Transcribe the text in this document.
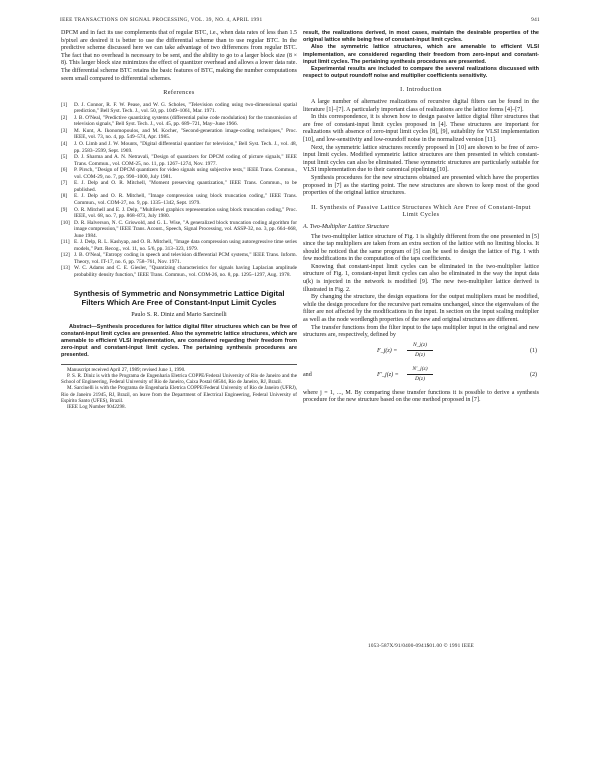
IEEE TRANSACTIONS ON SIGNAL PROCESSING, VOL. 39, NO. 4, APRIL 1991	941

DPCM and in fact its use complements that of regular BTC, i.e., when data rates of less than 1.5 b/pixel are desired it is better to use the differential scheme than to use regular BTC. In the predictive scheme discussed here we can take advantage of two differences from regular BTC. The fact that no overhead is necessary to be sent, and the ability to go to a larger block size (8 × 8). This larger block size minimizes the effect of quantizer overhead and allows a lower data rate. The differential scheme BTC retains the basic features of BTC, making the number computations seem small compared to differential schemes.

References
[1] D. J. Connor, R. F. W. Pease, and W. G. Scholes, "Television coding using two-dimensional spatial prediction," Bell Syst. Tech. J., vol. 50, pp. 1049–1061, Mar. 1971.
[2] J. B. O'Neal, "Predictive quantizing systems (differential pulse code modulation) for the transmission of television signals," Bell Syst. Tech. J., vol. 45, pp. 689–721, May–June 1966.
[3] M. Kunt, A. Ikonomopoulos, and M. Kocher, "Second-generation image-coding techniques," Proc. IEEE, vol. 73, no. 4, pp. 549–574, Apr. 1985.
[4] J. O. Limb and J. W. Mounts, "Digital differential quantizer for television," Bell Syst. Tech. J., vol. 48, pp. 2583–2599, Sept. 1969.
[5] D. J. Sharma and A. N. Netravali, "Design of quantizers for DPCM coding of picture signals," IEEE Trans. Commun., vol. COM-25, no. 11, pp. 1267–1274, Nov. 1977.
[6] P. Pirsch, "Design of DPCM quantizers for video signals using subjective tests," IEEE Trans. Commun., vol. COM-29, no. 7, pp. 990–1000, July 1981.
[7] E. J. Delp and O. R. Mitchell, "Moment preserving quantization," IEEE Trans. Commun., to be published.
[8] E. J. Delp and O. R. Mitchell, "Image compression using block truncation coding," IEEE Trans. Commun., vol. COM-27, no. 9, pp. 1335–1342, Sept. 1979.
[9] O. R. Mitchell and E. J. Delp, "Multilevel graphics representation using block truncation coding," Proc. IEEE, vol. 68, no. 7, pp. 868–873, July 1980.
[10] D. R. Halverson, N. C. Griswold, and G. L. Wise, "A generalized block truncation coding algorithm for image compression," IEEE Trans. Acoust., Speech, Signal Processing, vol. ASSP-32, no. 3, pp. 664–668, June 1984.
[11] E. J. Delp, R. L. Kashyap, and O. R. Mitchell, "Image data compression using autoregressive time series models," Patt. Recog., vol. 11, no. 5/6, pp. 313–323, 1979.
[12] J. B. O'Neal, "Entropy coding in speech and television differential PCM systems," IEEE Trans. Inform. Theory, vol. IT-17, no. 6, pp. 758–761, Nov. 1971.
[13] W. C. Adams and C. E. Giesler, "Quantizing characteristics for signals having Laplacian amplitude probability density function," IEEE Trans. Commun., vol. COM-26, no. 8, pp. 1295–1297, Aug. 1978.
Synthesis of Symmetric and Nonsymmetric Lattice Digital Filters Which Are Free of Constant-Input Limit Cycles
Paulo S. R. Diniz and Mario Sarcinelli
Abstract—Synthesis procedures for lattice digital filter structures which can be free of constant-input limit cycles are presented. Also the symmetric lattice structures, which are amenable to efficient VLSI implementation, are considered regarding their freedom from zero-input and constant-input limit cycles. The pertaining synthesis procedures are presented.

Manuscript received April 27, 1989; revised June 1, 1990.

P. S. R. Diniz is with the Programa de Engenharia Eletrica COPPE/Federal University of Rio de Janeiro and the School of Engineering, Federal University of Rio de Janeiro, Caixa Postal 68504, Rio de Janeiro, RJ, Brazil.

M. Sarcinelli is with the Programa de Engenharia Eletrica COPPE/Federal University of Rio de Janeiro (UFRJ), Rio de Janeiro 21945, RJ, Brazil, on leave from the Department of Electrical Engineering, Federal University of Espírito Santo (UFES), Brazil.

IEEE Log Number 9042298.

result, the realizations derived, in most cases, maintain the desirable properties of the original lattice while being free of constant-input limit cycles.

Also the symmetric lattice structures, which are amenable to efficient VLSI implementation, are considered regarding their freedom from zero-input and constant-input limit cycles. The pertaining synthesis procedures are presented.

Experimental results are included to compare the several realizations discussed with respect to output roundoff noise and multiplier coefficients sensitivity.

I. Introduction

A large number of alternative realizations of recursive digital filters can be found in the literature [1]–[7]. A particularly important class of realizations are the lattice forms [4]–[7].

In this correspondence, it is shown how to design passive lattice digital filter structures that are free of constant-input limit cycles proposed in [4]. These structures are important for realizations with absence of zero-input limit cycles [8], [9], suitability for VLSI implementation [10], and low-sensitivity and low-roundoff noise in the normalized version [11].

Next, the symmetric lattice structures recently proposed in [10] are shown to be free of zero-input limit cycles. Modified symmetric lattice structures are then presented in which constant-input limit cycles can also be eliminated. These symmetric structures are particularly suitable for VLSI implementation due to their canonical pipelining [10].

Synthesis procedures for the new structures obtained are presented which have the properties proposed in [7] as the starting point. The new structures are shown to keep most of the good properties of the original lattice structures.

II. Synthesis of Passive Lattice Structures Which Are Free of Constant-Input Limit Cycles
A. Two-Multiplier Lattice Structure

The two-multiplier lattice structure of Fig. 1 is slightly different from the one presented in [5] since the tap multipliers are taken from an extra section of the lattice with no limiting blocks. It should be noticed that the same program of [5] can be used to design the lattice of Fig. 1 with few modifications in the computation of the taps coefficients.

Knowing that constant-input limit cycles can be eliminated in the two-multiplier lattice structure of Fig. 1, constant-input limit cycles can also be eliminated in the way the input data u(k) is injected in the network is modified [9]. The new two-multiplier lattice derived is illustrated in Fig. 2.

By changing the structure, the design equations for the output multipliers must be modified, while the design procedure for the recursive part remains unchanged, since the eigenvalues of the filter are not affected by the modifications in the input. In section on the input scaling multiplier as well as the node wordlength properties of the new and original structures are different.

The transfer functions from the filter input to the taps multiplier input in the original and new structures are, respectively, defined by

F_j(z) =
N_j(z)
D(z)
(1)
and	F′_j(z) =
N′_j(z)
D(z)
(2)

where j = 1, ..., M. By comparing these transfer functions it is possible to derive a synthesis procedure for the new structure based on the one method proposed in [7].

1053-587X/91/0400-0941$01.00 © 1991 IEEE
